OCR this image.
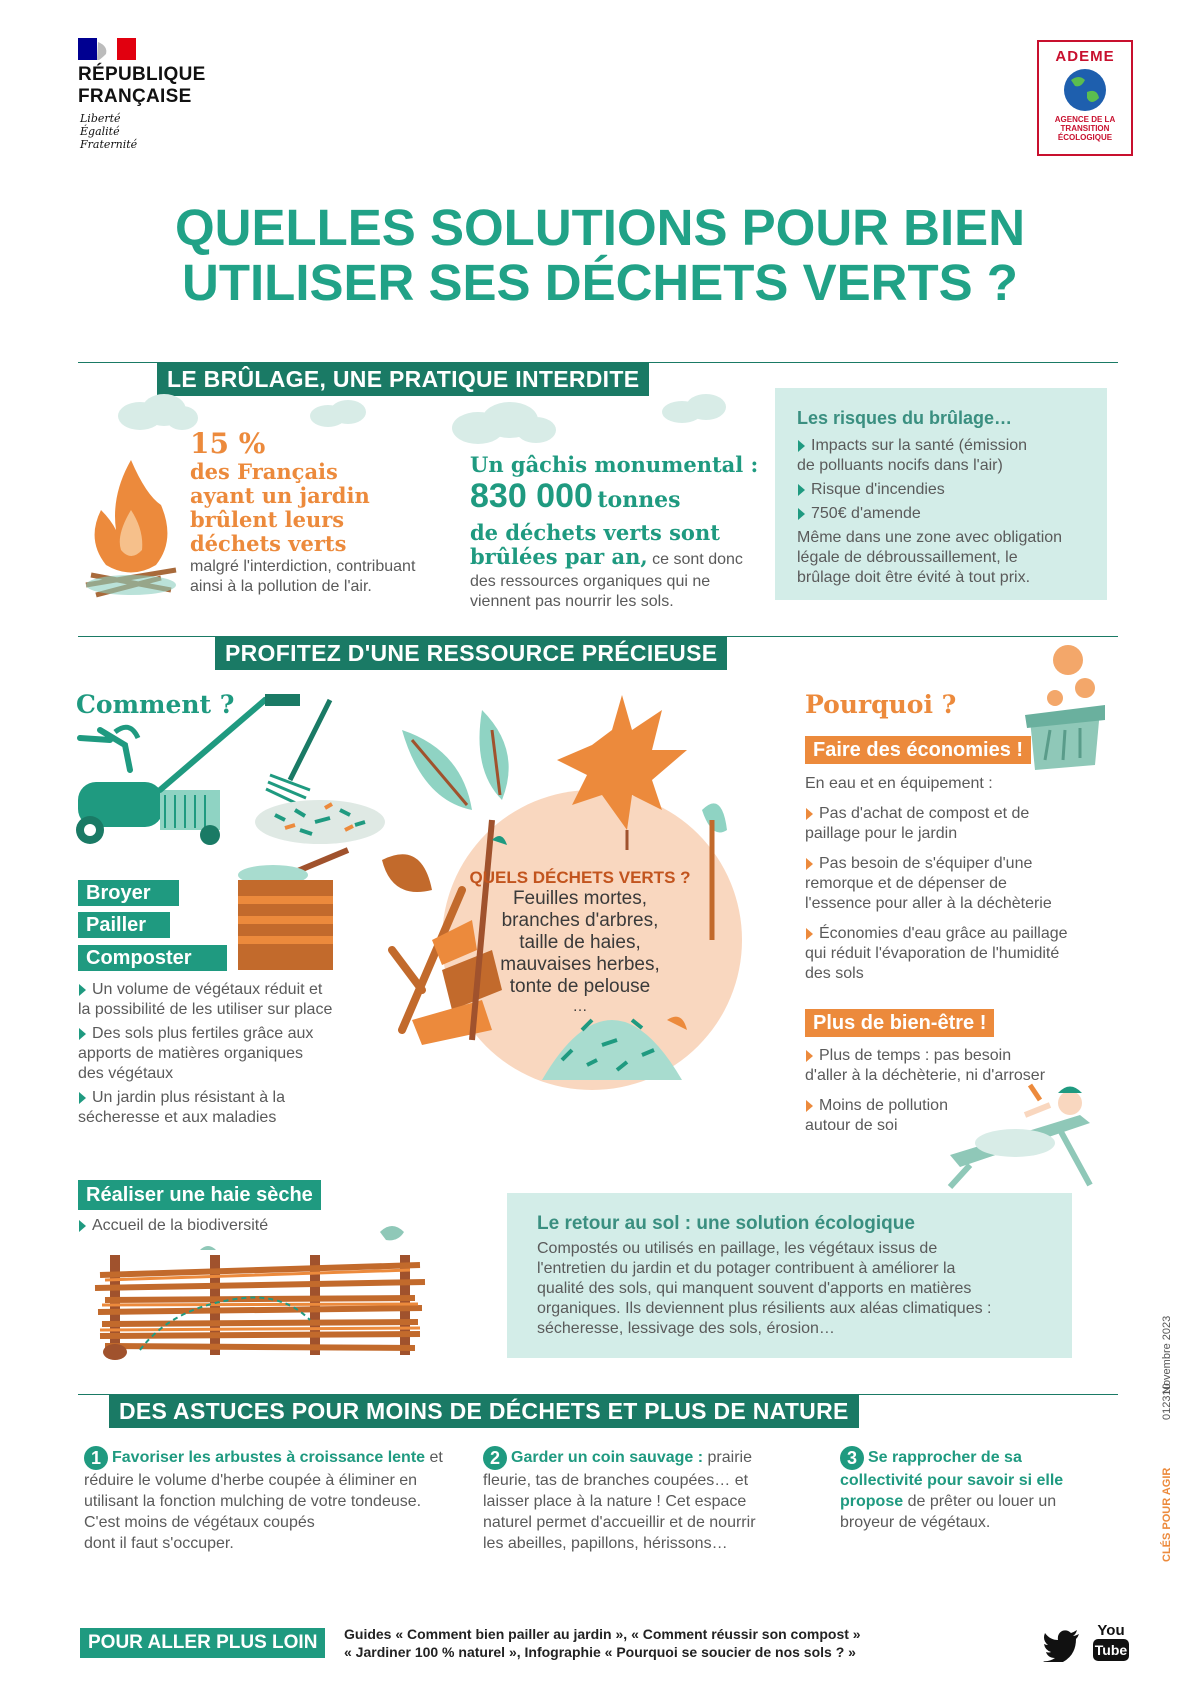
RÉPUBLIQUE
FRANÇAISE
Liberté
Égalité
Fraternité
ADEME
AGENCE DE LA
TRANSITION
ÉCOLOGIQUE
QUELLES SOLUTIONS POUR BIEN
UTILISER SES DÉCHETS VERTS ?
LE BRÛLAGE, UNE PRATIQUE INTERDITE
15 %
des Français
ayant un jardin
brûlent leurs
déchets verts
malgré l'interdiction, contribuant
ainsi à la pollution de l'air.
Un gâchis monumental :
830 000 tonnes
de déchets verts sont
brûlées par an, ce sont donc
des ressources organiques qui ne
viennent pas nourrir les sols.
Les risques du brûlage…
Impacts sur la santé (émission
de polluants nocifs dans l'air)
Risque d'incendies
750€ d'amende
Même dans une zone avec obligation
légale de débroussaillement, le
brûlage doit être évité à tout prix.
PROFITEZ D'UNE RESSOURCE PRÉCIEUSE
Comment ?
Broyer
Pailler
Composter
Un volume de végétaux réduit et
la possibilité de les utiliser sur place
Des sols plus fertiles grâce aux
apports de matières organiques
des végétaux
Un jardin plus résistant à la
sécheresse et aux maladies
QUELS DÉCHETS VERTS ?
Feuilles mortes,
branches d'arbres,
taille de haies,
mauvaises herbes,
tonte de pelouse
…
Pourquoi ?
Faire des économies !
En eau et en équipement :
Pas d'achat de compost et de
paillage pour le jardin
Pas besoin de s'équiper d'une
remorque et de dépenser de
l'essence pour aller à la déchèterie
Économies d'eau grâce au paillage
qui réduit l'évaporation de l'humidité
des sols
Plus de bien-être !
Plus de temps : pas besoin
d'aller à la déchèterie, ni d'arroser
Moins de pollution
autour de soi
Réaliser une haie sèche
Accueil de la biodiversité	Le retour au sol : une solution écologique
Compostés ou utilisés en paillage, les végétaux issus de
l'entretien du jardin et du potager contribuent à améliorer la
qualité des sols, qui manquent souvent d'apports en matières
organiques. Ils deviennent plus résilients aux aléas climatiques :
sécheresse, lessivage des sols, érosion…
DES ASTUCES POUR MOINS DE DÉCHETS ET PLUS DE NATURE
1 Favoriser les arbustes à croissance lente et
réduire le volume d'herbe coupée à éliminer en
utilisant la fonction mulching de votre tondeuse.
C'est moins de végétaux coupés
dont il faut s'occuper.
2 Garder un coin sauvage : prairie
fleurie, tas de branches coupées… et
laisser place à la nature ! Cet espace
naturel permet d'accueillir et de nourrir
les abeilles, papillons, hérissons…
3 Se rapprocher de sa
collectivité pour savoir si elle
propose de prêter ou louer un
broyeur de végétaux.
POUR ALLER PLUS LOIN	Guides « Comment bien pailler au jardin », « Comment réussir son compost »
« Jardiner 100 % naturel », Infographie « Pourquoi se soucier de nos sols ? »
You
Tube
012310
Novembre 2023
CLÉS POUR AGIR
